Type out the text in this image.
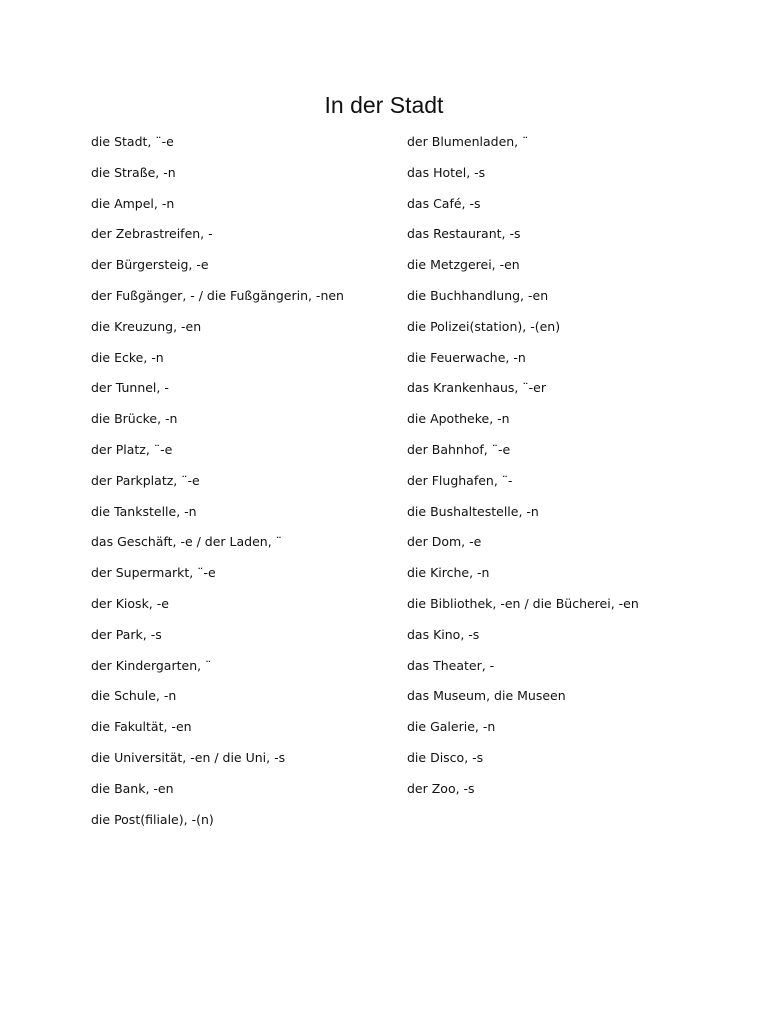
In der Stadt
die Stadt, ¨-e
die Straße, -n
die Ampel, -n
der Zebrastreifen, -
der Bürgersteig, -e
der Fußgänger, - / die Fußgängerin, -nen
die Kreuzung, -en
die Ecke, -n
der Tunnel, -
die Brücke, -n
der Platz, ¨-e
der Parkplatz, ¨-e
die Tankstelle, -n
das Geschäft, -e / der Laden, ¨
der Supermarkt, ¨-e
der Kiosk, -e
der Park, -s
der Kindergarten, ¨
die Schule, -n
die Fakultät, -en
die Universität, -en / die Uni, -s
die Bank, -en
die Post(filiale), -(n)
der Blumenladen, ¨
das Hotel, -s
das Café, -s
das Restaurant, -s
die Metzgerei, -en
die Buchhandlung, -en
die Polizei(station), -(en)
die Feuerwache, -n
das Krankenhaus, ¨-er
die Apotheke, -n
der Bahnhof, ¨-e
der Flughafen, ¨-
die Bushaltestelle, -n
der Dom, -e
die Kirche, -n
die Bibliothek, -en / die Bücherei, -en
das Kino, -s
das Theater, -
das Museum, die Museen
die Galerie, -n
die Disco, -s
der Zoo, -s
